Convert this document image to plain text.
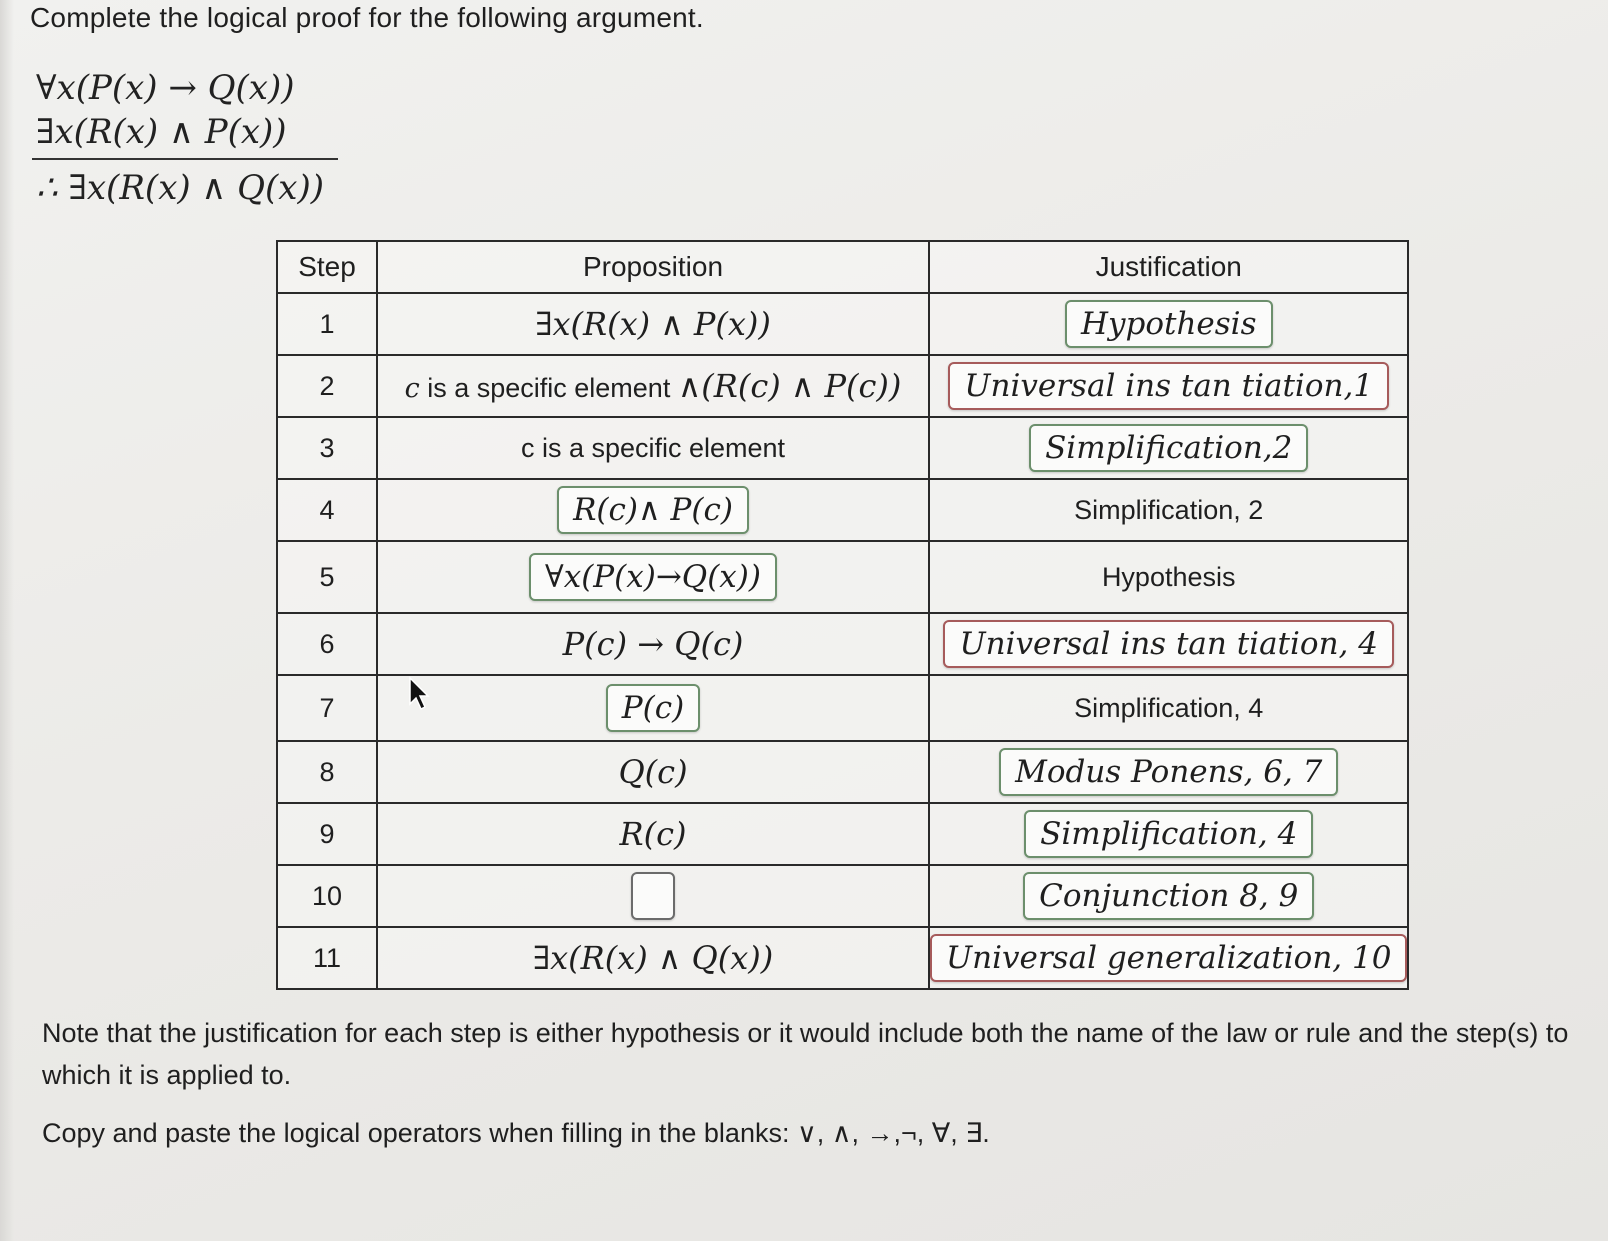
Complete the logical proof for the following argument.
∀x(P(x) → Q(x))
∃x(R(x) ∧ P(x))
∴ ∃x(R(x) ∧ Q(x))
Step	Proposition	Justification
1	∃x(R(x) ∧ P(x))	Hypothesis
2	c is a specific element ∧(R(c) ∧ P(c))	Universal ins tan tiation,1
3	c is a specific element	Simplification,2
4	R(c)∧ P(c)	Simplification, 2
5	∀x(P(x)→Q(x))	Hypothesis
6	P(c) → Q(c)	Universal ins tan tiation, 4
7	P(c)	Simplification, 4
8	Q(c)	Modus Ponens, 6, 7
9	R(c)	Simplification, 4
10		Conjunction 8, 9
11	∃x(R(x) ∧ Q(x))	Universal generalization, 10
Note that the justification for each step is either hypothesis or it would include both the name of the law or rule and the step(s) to which it is applied to.
Copy and paste the logical operators when filling in the blanks: ∨, ∧, →,¬, ∀, ∃.
